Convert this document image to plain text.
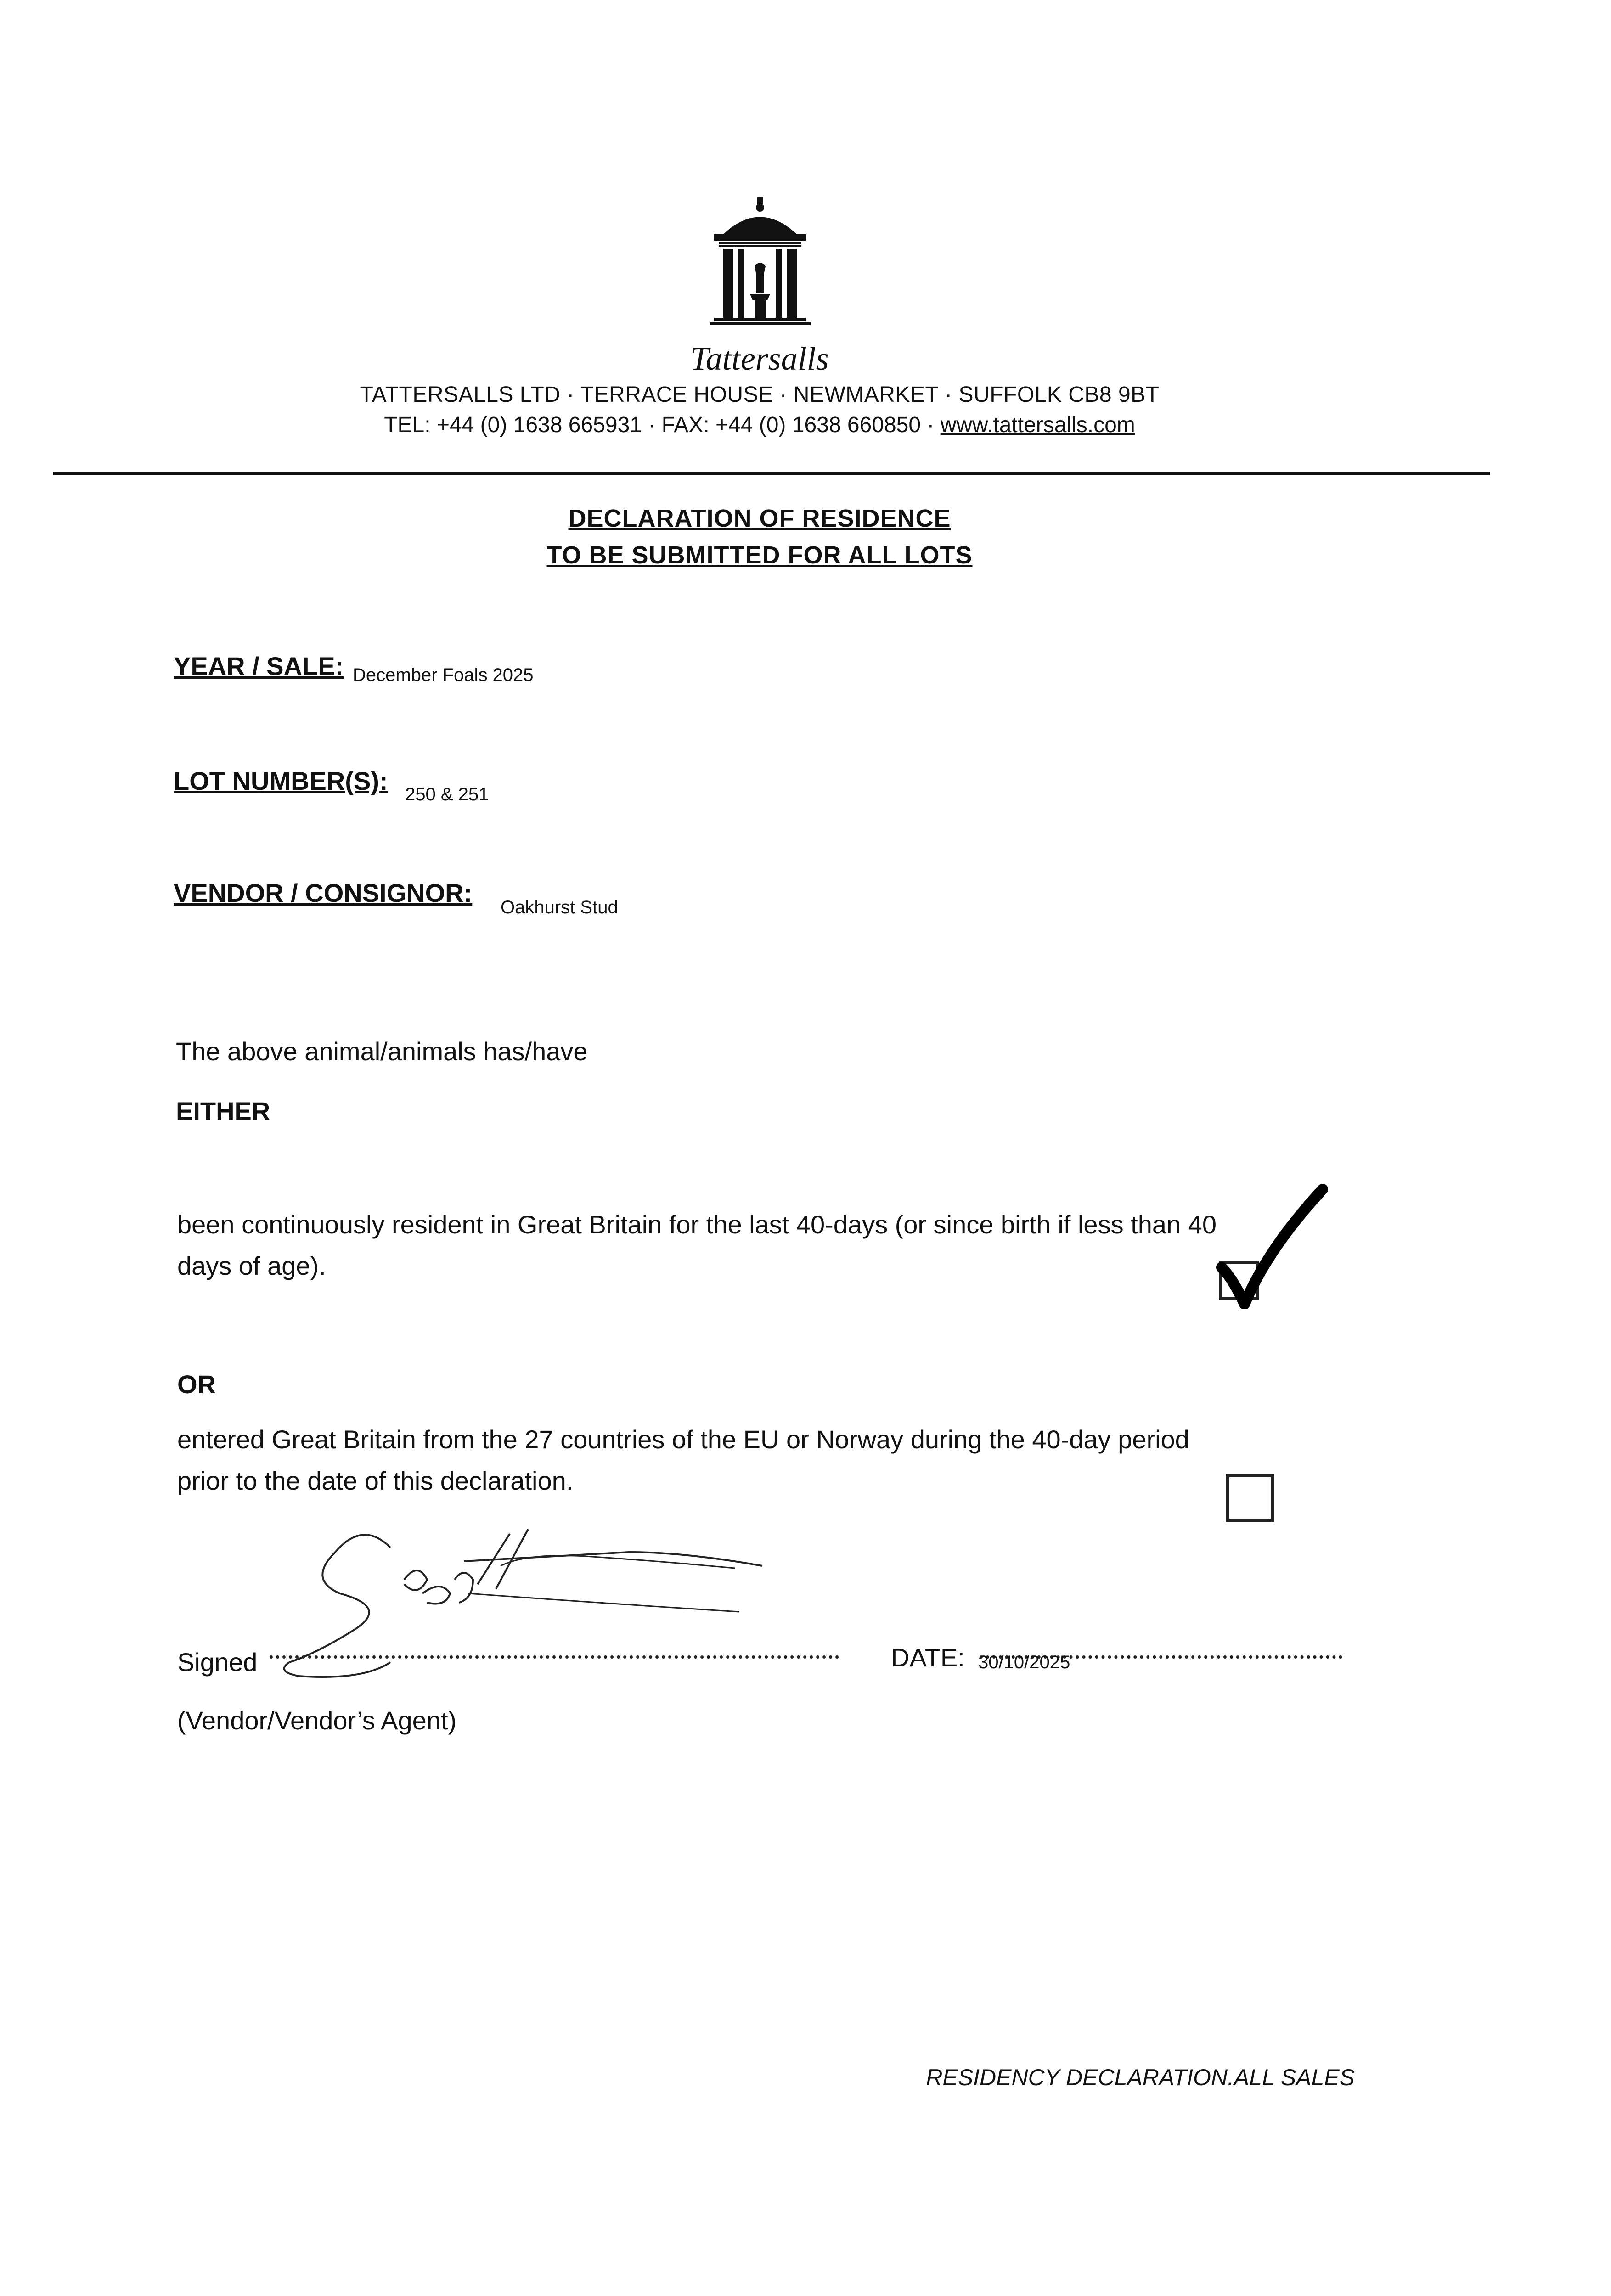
Tattersalls
TATTERSALLS LTD · TERRACE HOUSE · NEWMARKET · SUFFOLK CB8 9BT
TEL: +44 (0) 1638 665931 · FAX: +44 (0) 1638 660850 · www.tattersalls.com
DECLARATION OF RESIDENCE
TO BE SUBMITTED FOR ALL LOTS
YEAR / SALE: December Foals 2025
LOT NUMBER(S): 250 & 251
VENDOR / CONSIGNOR: Oakhurst Stud
The above animal/animals has/have
EITHER
been continuously resident in Great Britain for the last 40-days (or since birth if less than 40
days of age).
OR
entered Great Britain from the 27 countries of the EU or Norway during the 40-day period
prior to the date of this declaration.
Signed	DATE: 30/10/2025
(Vendor/Vendor’s Agent)
RESIDENCY DECLARATION.ALL SALES
